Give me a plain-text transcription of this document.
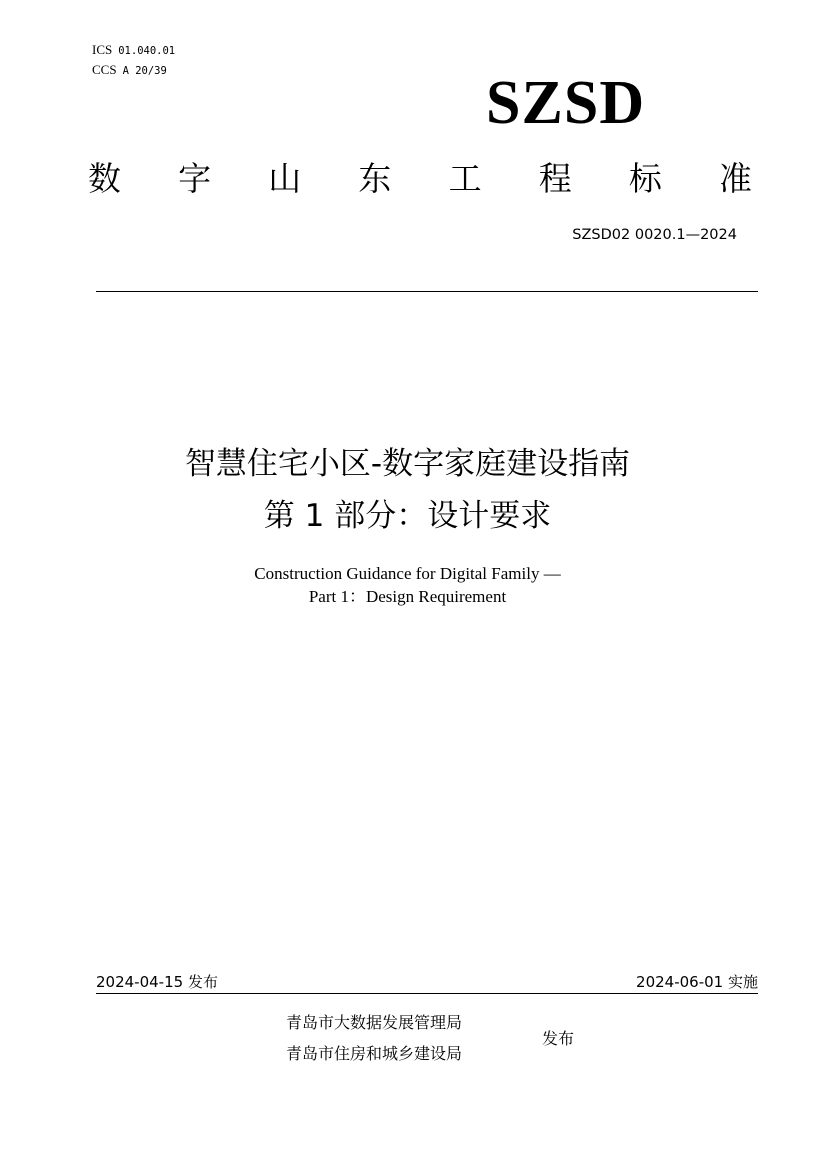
ICS 01.040.01
CCS A 20/39	SZSD
数 字 山 东 工 程 标 准
SZSD02 0020.1—2024
智慧住宅小区-数字家庭建设指南
第 1 部分：设计要求
Construction Guidance for Digital Family —
Part 1：Design Requirement
2024-04-15 发布	2024-06-01 实施
青岛市大数据发展管理局
青岛市住房和城乡建设局
发布
